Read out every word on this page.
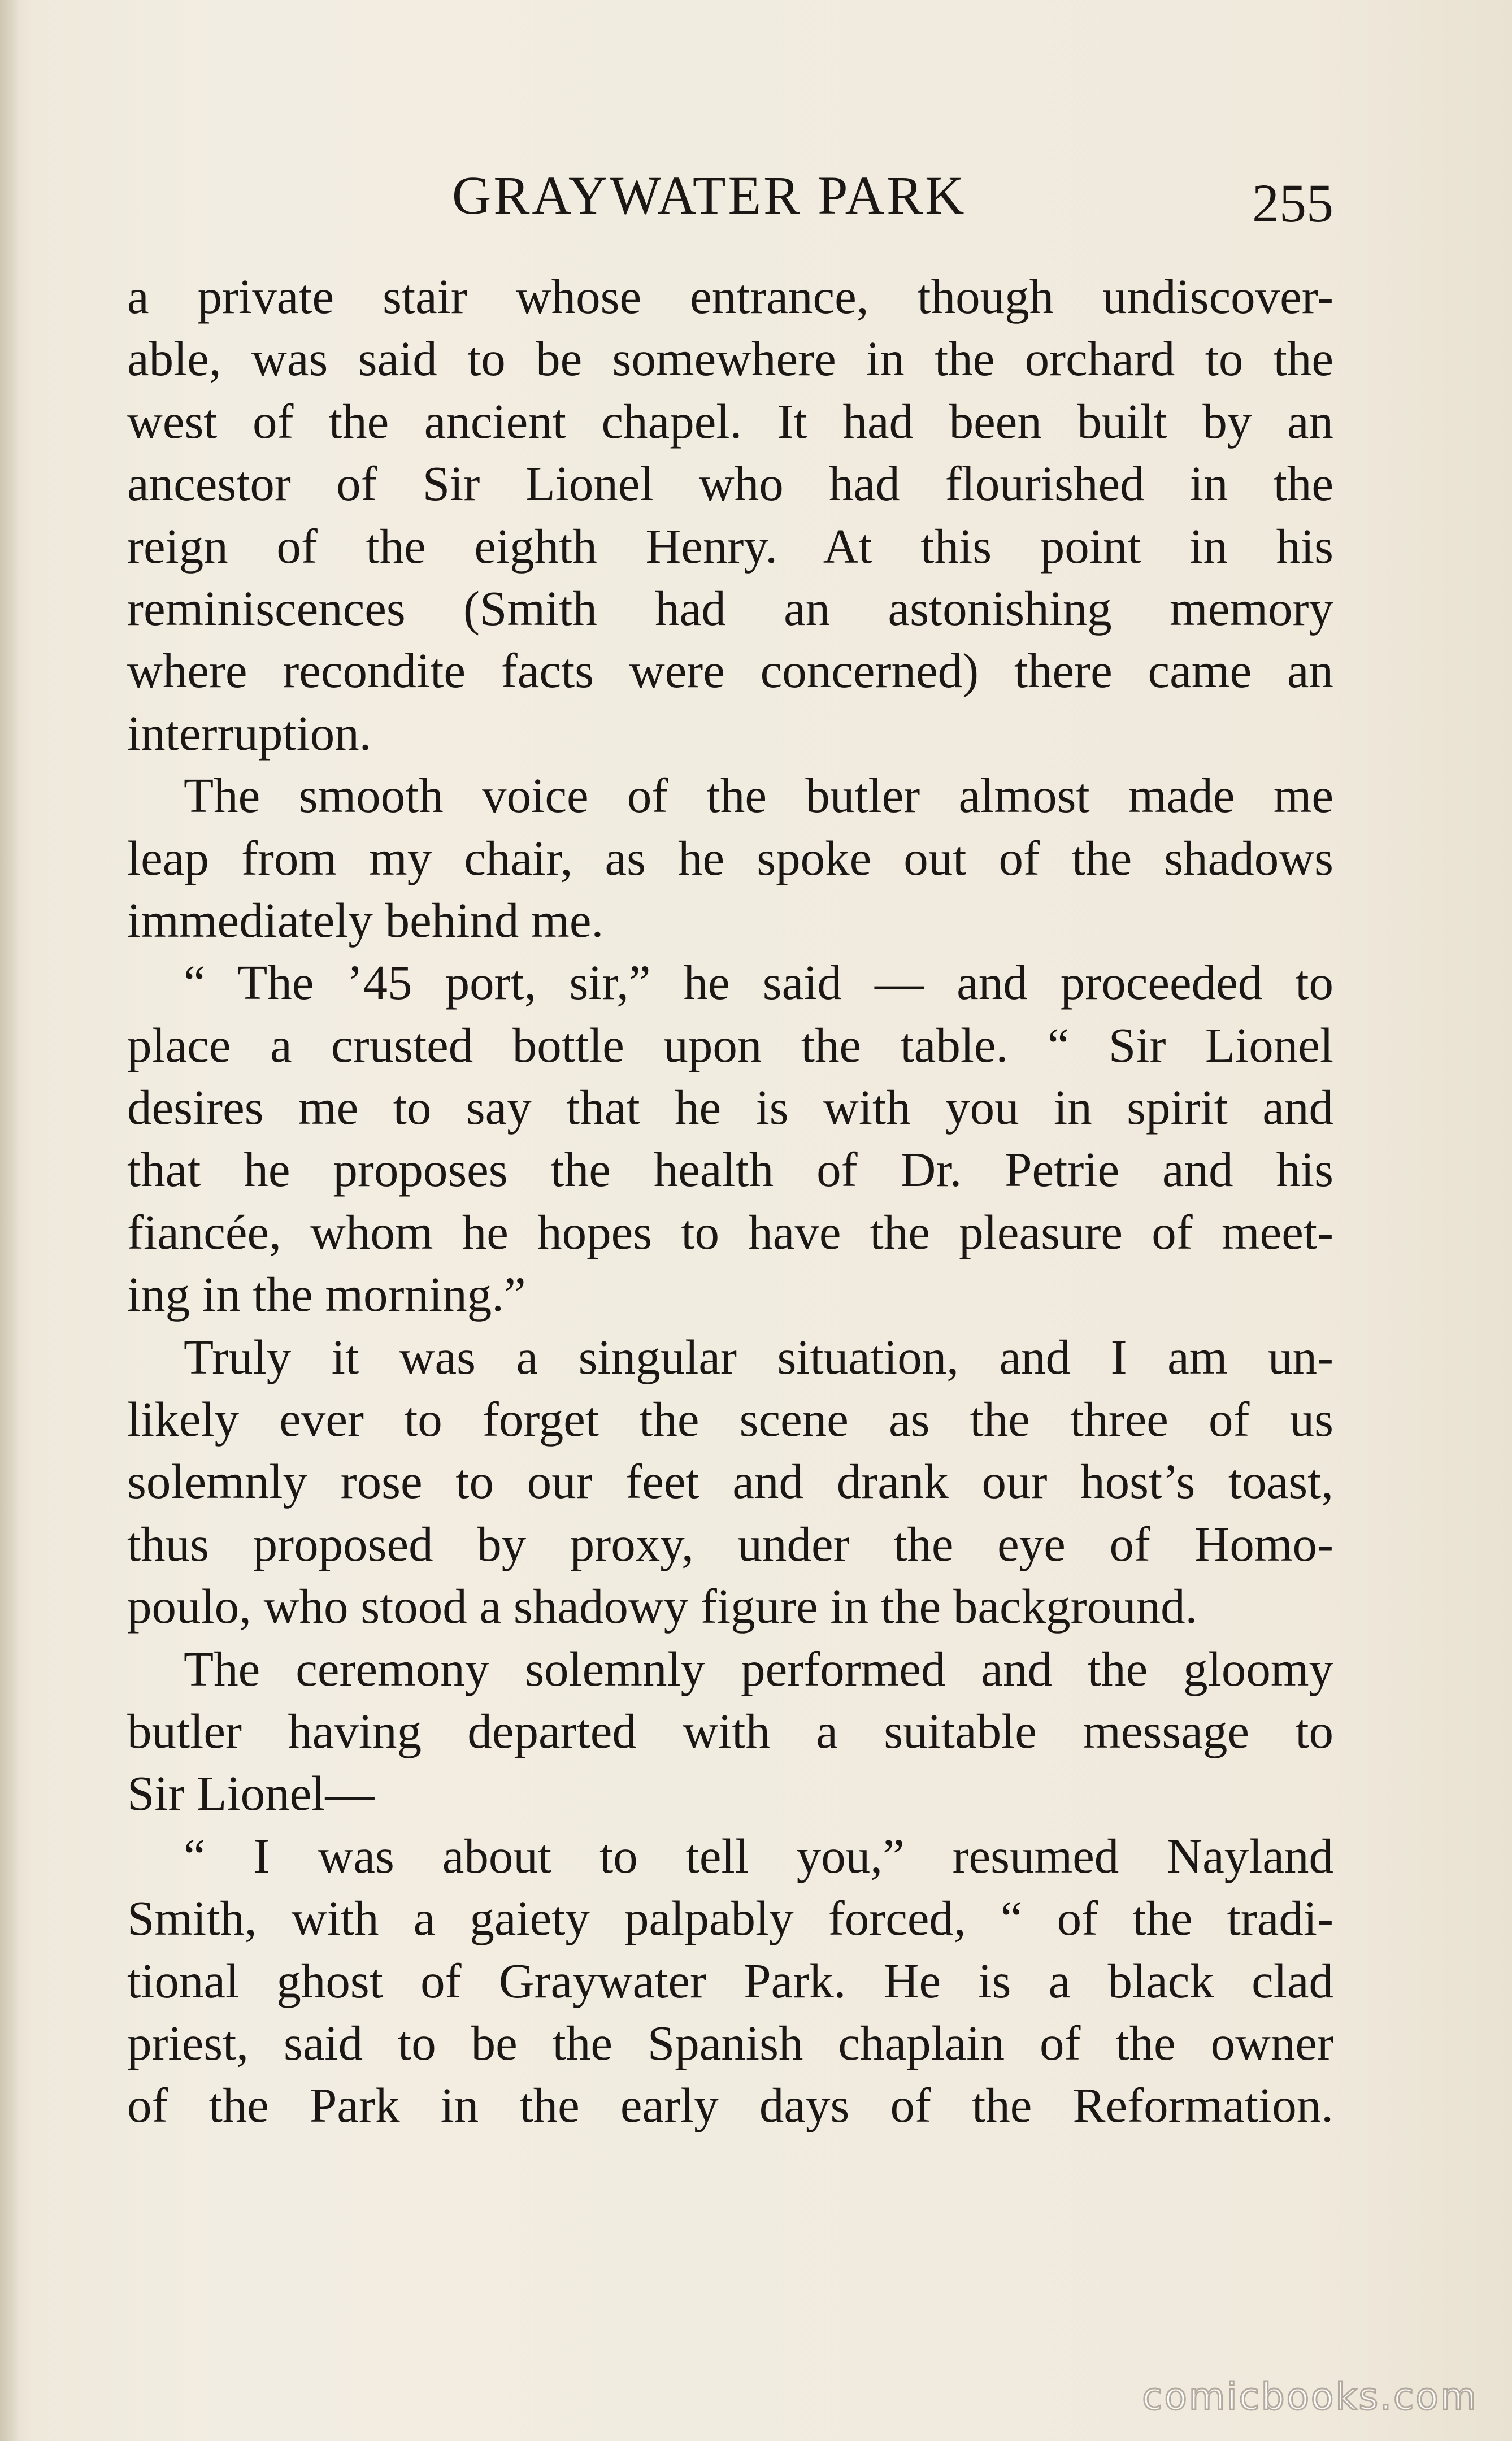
GRAYWATER PARK	255
a private stair whose entrance, though undiscover-
able, was said to be somewhere in the orchard to the
west of the ancient chapel. It had been built by an
ancestor of Sir Lionel who had flourished in the
reign of the eighth Henry. At this point in his
reminiscences (Smith had an astonishing memory
where recondite facts were concerned) there came an
interruption.
The smooth voice of the butler almost made me
leap from my chair, as he spoke out of the shadows
immediately behind me.
“ The ’45 port, sir,” he said — and proceeded to
place a crusted bottle upon the table. “ Sir Lionel
desires me to say that he is with you in spirit and
that he proposes the health of Dr. Petrie and his
fiancée, whom he hopes to have the pleasure of meet-
ing in the morning.”
Truly it was a singular situation, and I am un-
likely ever to forget the scene as the three of us
solemnly rose to our feet and drank our host’s toast,
thus proposed by proxy, under the eye of Homo-
poulo, who stood a shadowy figure in the background.
The ceremony solemnly performed and the gloomy
butler having departed with a suitable message to
Sir Lionel—
“ I was about to tell you,” resumed Nayland
Smith, with a gaiety palpably forced, “ of the tradi-
tional ghost of Graywater Park. He is a black clad
priest, said to be the Spanish chaplain of the owner
of the Park in the early days of the Reformation.
comicbooks.com
